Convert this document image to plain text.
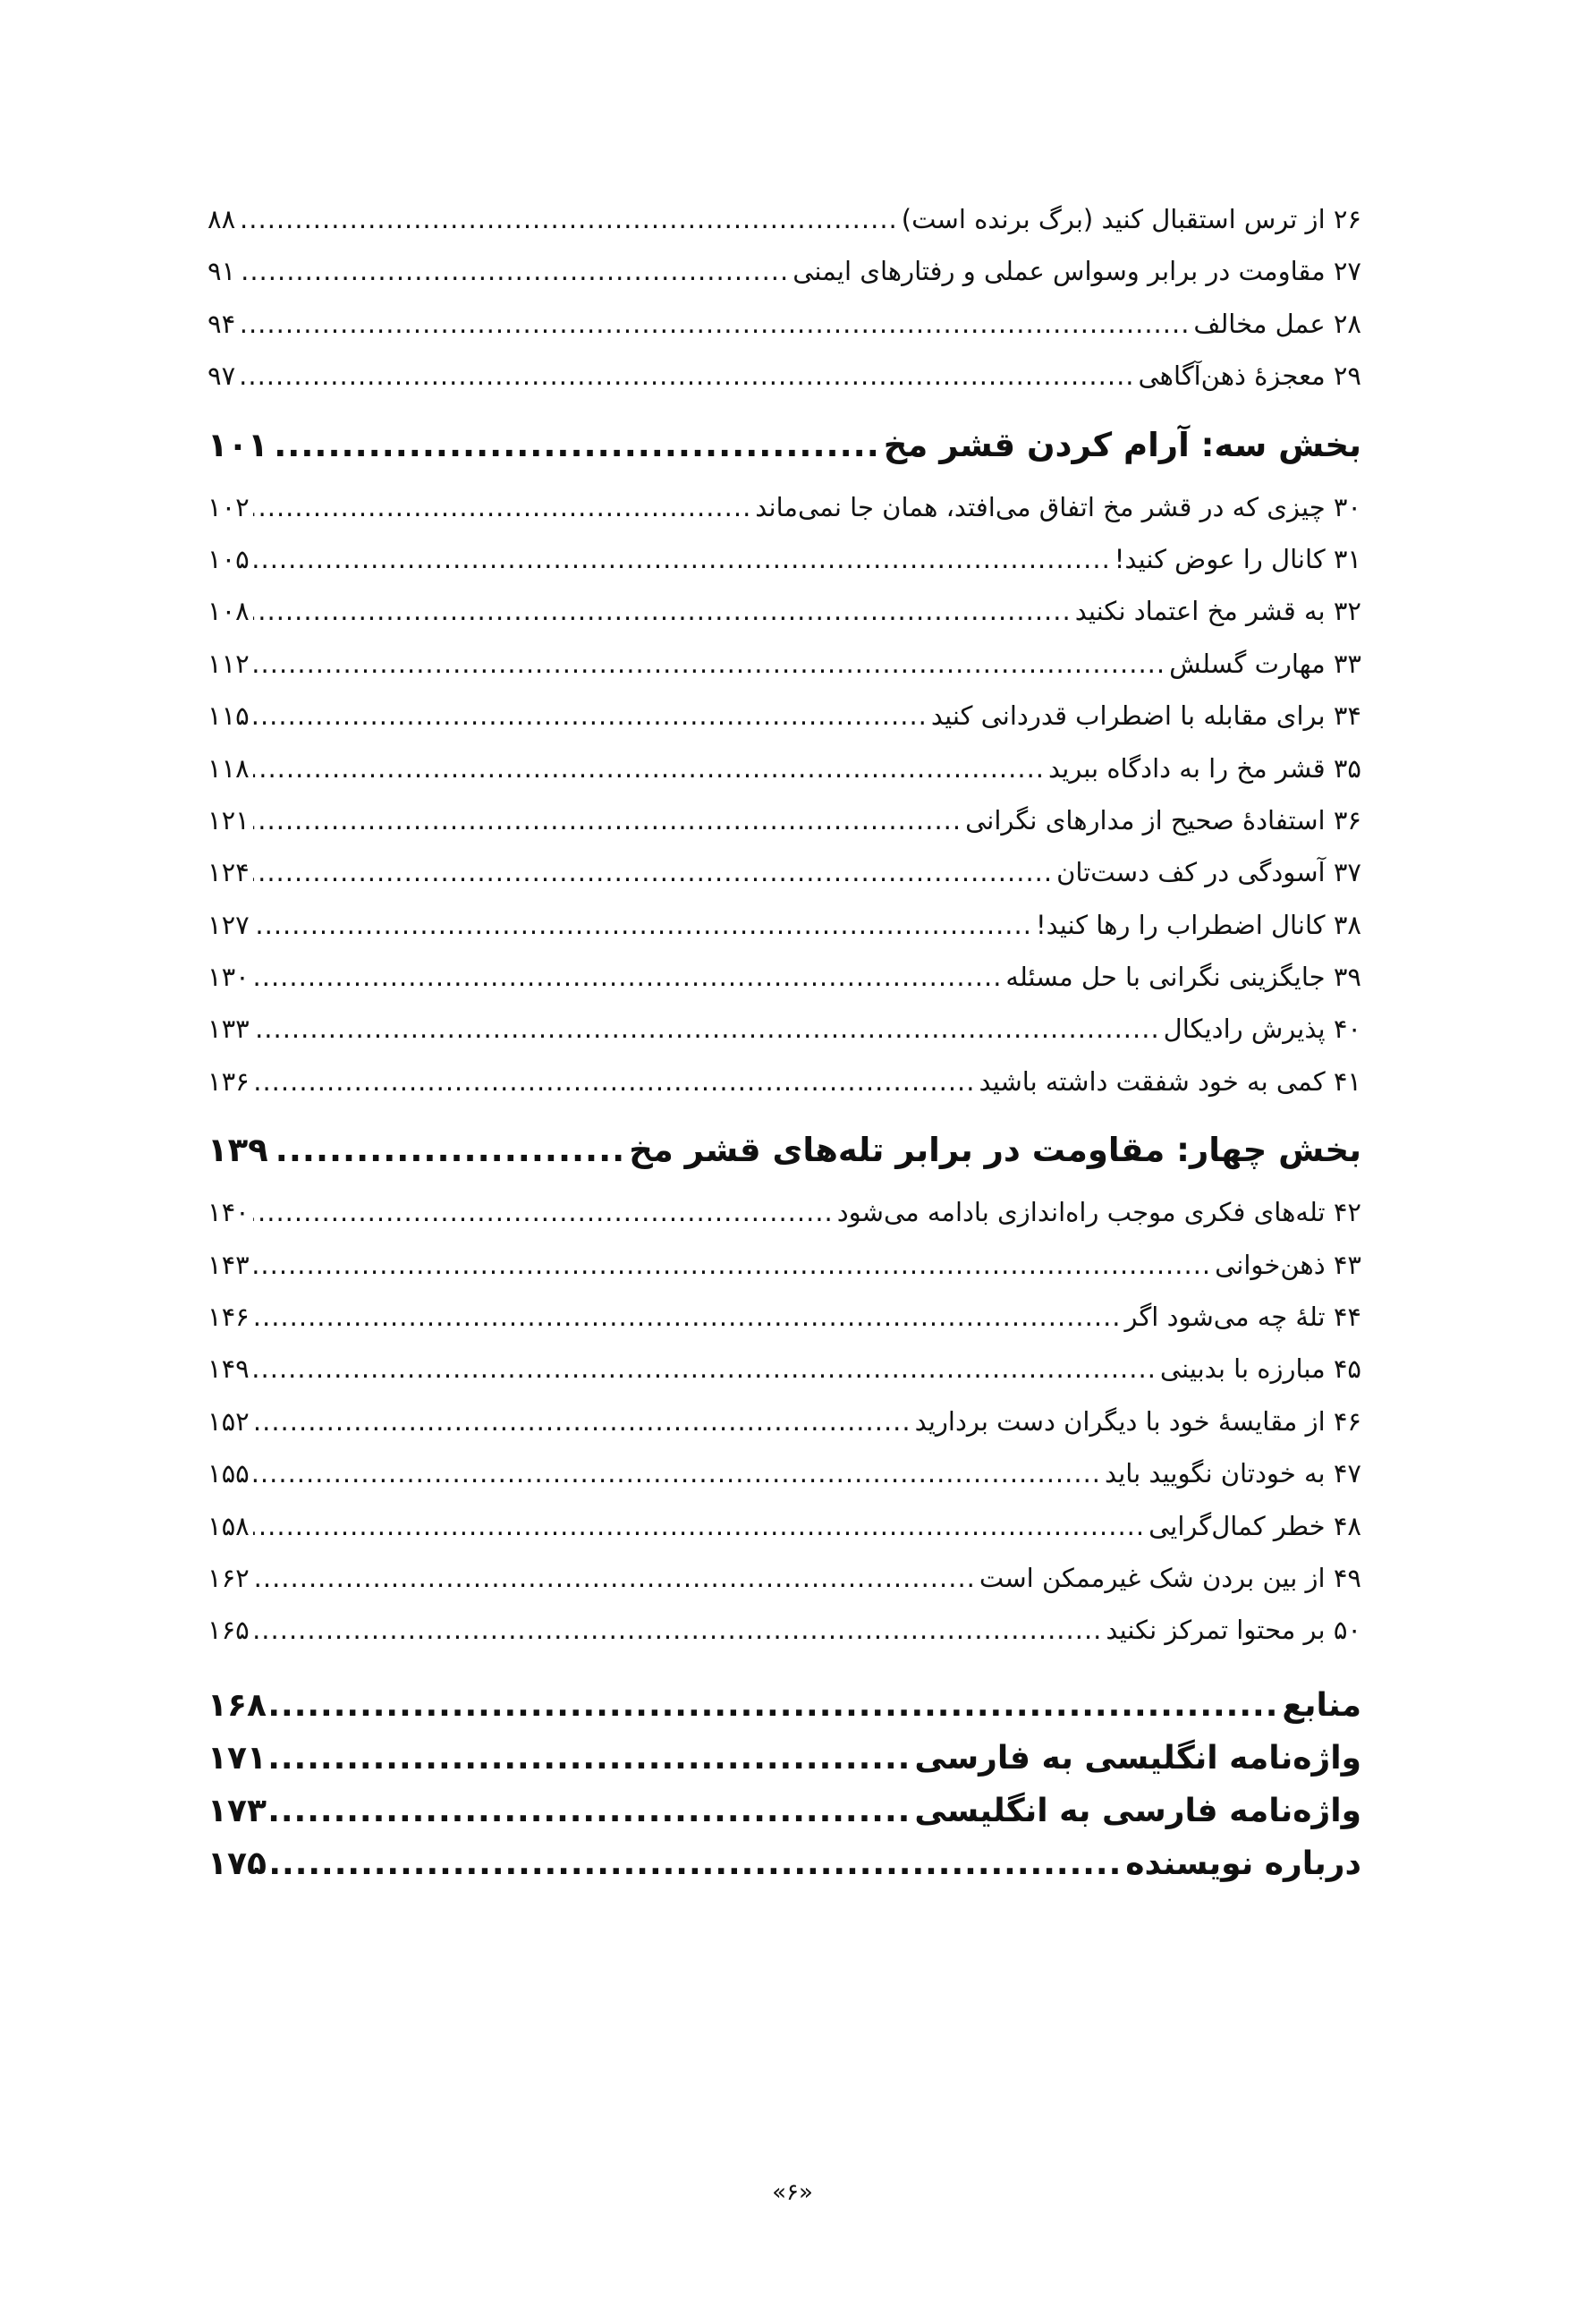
۲۶ از ترس استقبال کنید (برگ برنده است)
.....
۸۸
۲۷ مقاومت در برابر وسواس عملی و رفتارهای ایمنی
.....
۹۱
۲۸ عمل مخالف
.....
۹۴
۲۹ معجزهٔ ذهن‌آگاهی
.....
۹۷
بخش سه: آرام کردن قشر مخ
.....
۱۰۱
۳۰ چیزی که در قشر مخ اتفاق می‌افتد، همان جا نمی‌ماند
.....
۱۰۲
۳۱ کانال را عوض کنید!
.....
۱۰۵
۳۲ به قشر مخ اعتماد نکنید
.....
۱۰۸
۳۳ مهارت گسلش
.....
۱۱۲
۳۴ برای مقابله با اضطراب قدردانی کنید
.....
۱۱۵
۳۵ قشر مخ را به دادگاه ببرید
.....
۱۱۸
۳۶ استفادهٔ صحیح از مدارهای نگرانی
.....
۱۲۱
۳۷ آسودگی در کف دست‌تان
.....
۱۲۴
۳۸ کانال اضطراب را رها کنید!
.....
۱۲۷
۳۹ جایگزینی نگرانی با حل مسئله
.....
۱۳۰
۴۰ پذیرش رادیکال
.....
۱۳۳
۴۱ کمی به خود شفقت داشته باشید
.....
۱۳۶
بخش چهار: مقاومت در برابر تله‌های قشر مخ
.....
۱۳۹
۴۲ تله‌های فکری موجب راه‌اندازی بادامه می‌شود
.....
۱۴۰
۴۳ ذهن‌خوانی
.....
۱۴۳
۴۴ تلهٔ چه می‌شود اگر
.....
۱۴۶
۴۵ مبارزه با بدبینی
.....
۱۴۹
۴۶ از مقایسهٔ خود با دیگران دست بردارید
.....
۱۵۲
۴۷ به خودتان نگویید باید
.....
۱۵۵
۴۸ خطر کمال‌گرایی
.....
۱۵۸
۴۹ از بین بردن شک غیرممکن است
.....
۱۶۲
۵۰ بر محتوا تمرکز نکنید
.....
۱۶۵
منابع
.....
۱۶۸
واژه‌نامه انگلیسی به فارسی
.....
۱۷۱
واژه‌نامه فارسی به انگلیسی
.....
۱۷۳
درباره نویسنده
.....
۱۷۵
«۶»
